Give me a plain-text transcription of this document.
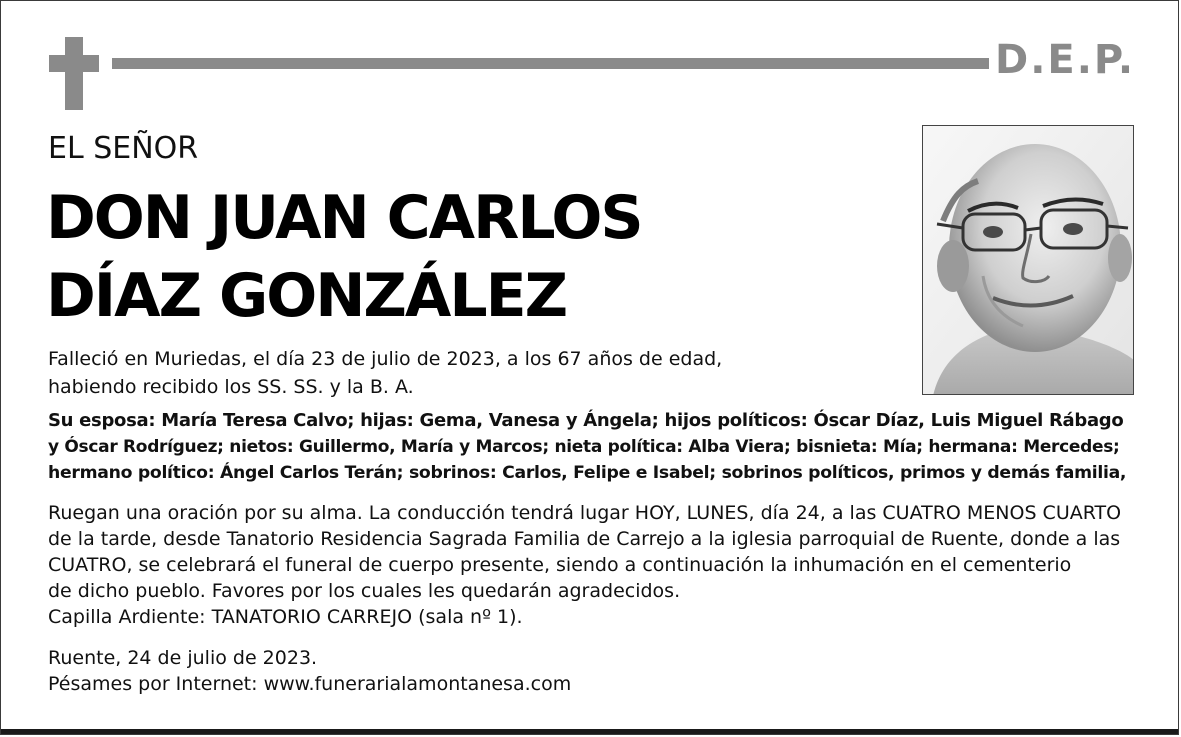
D.E.P.
EL SEÑOR
DON JUAN CARLOS
DÍAZ GONZÁLEZ
Falleció en Muriedas, el día 23 de julio de 2023, a los 67 años de edad,
habiendo recibido los SS. SS. y la B. A.
Su esposa: María Teresa Calvo; hijas: Gema, Vanesa y Ángela; hijos políticos: Óscar Díaz, Luis Miguel Rábago
y Óscar Rodríguez; nietos: Guillermo, María y Marcos; nieta política: Alba Viera; bisnieta: Mía; hermana: Mercedes;
hermano político: Ángel Carlos Terán; sobrinos: Carlos, Felipe e Isabel; sobrinos políticos, primos y demás familia,
Ruegan una oración por su alma. La conducción tendrá lugar HOY, LUNES, día 24, a las CUATRO MENOS CUARTO
de la tarde, desde Tanatorio Residencia Sagrada Familia de Carrejo a la iglesia parroquial de Ruente, donde a las
CUATRO, se celebrará el funeral de cuerpo presente, siendo a continuación la inhumación en el cementerio
de dicho pueblo. Favores por los cuales les quedarán agradecidos.
Capilla Ardiente: TANATORIO CARREJO (sala nº 1).
Ruente, 24 de julio de 2023.
Pésames por Internet: www.funerarialamontanesa.com
